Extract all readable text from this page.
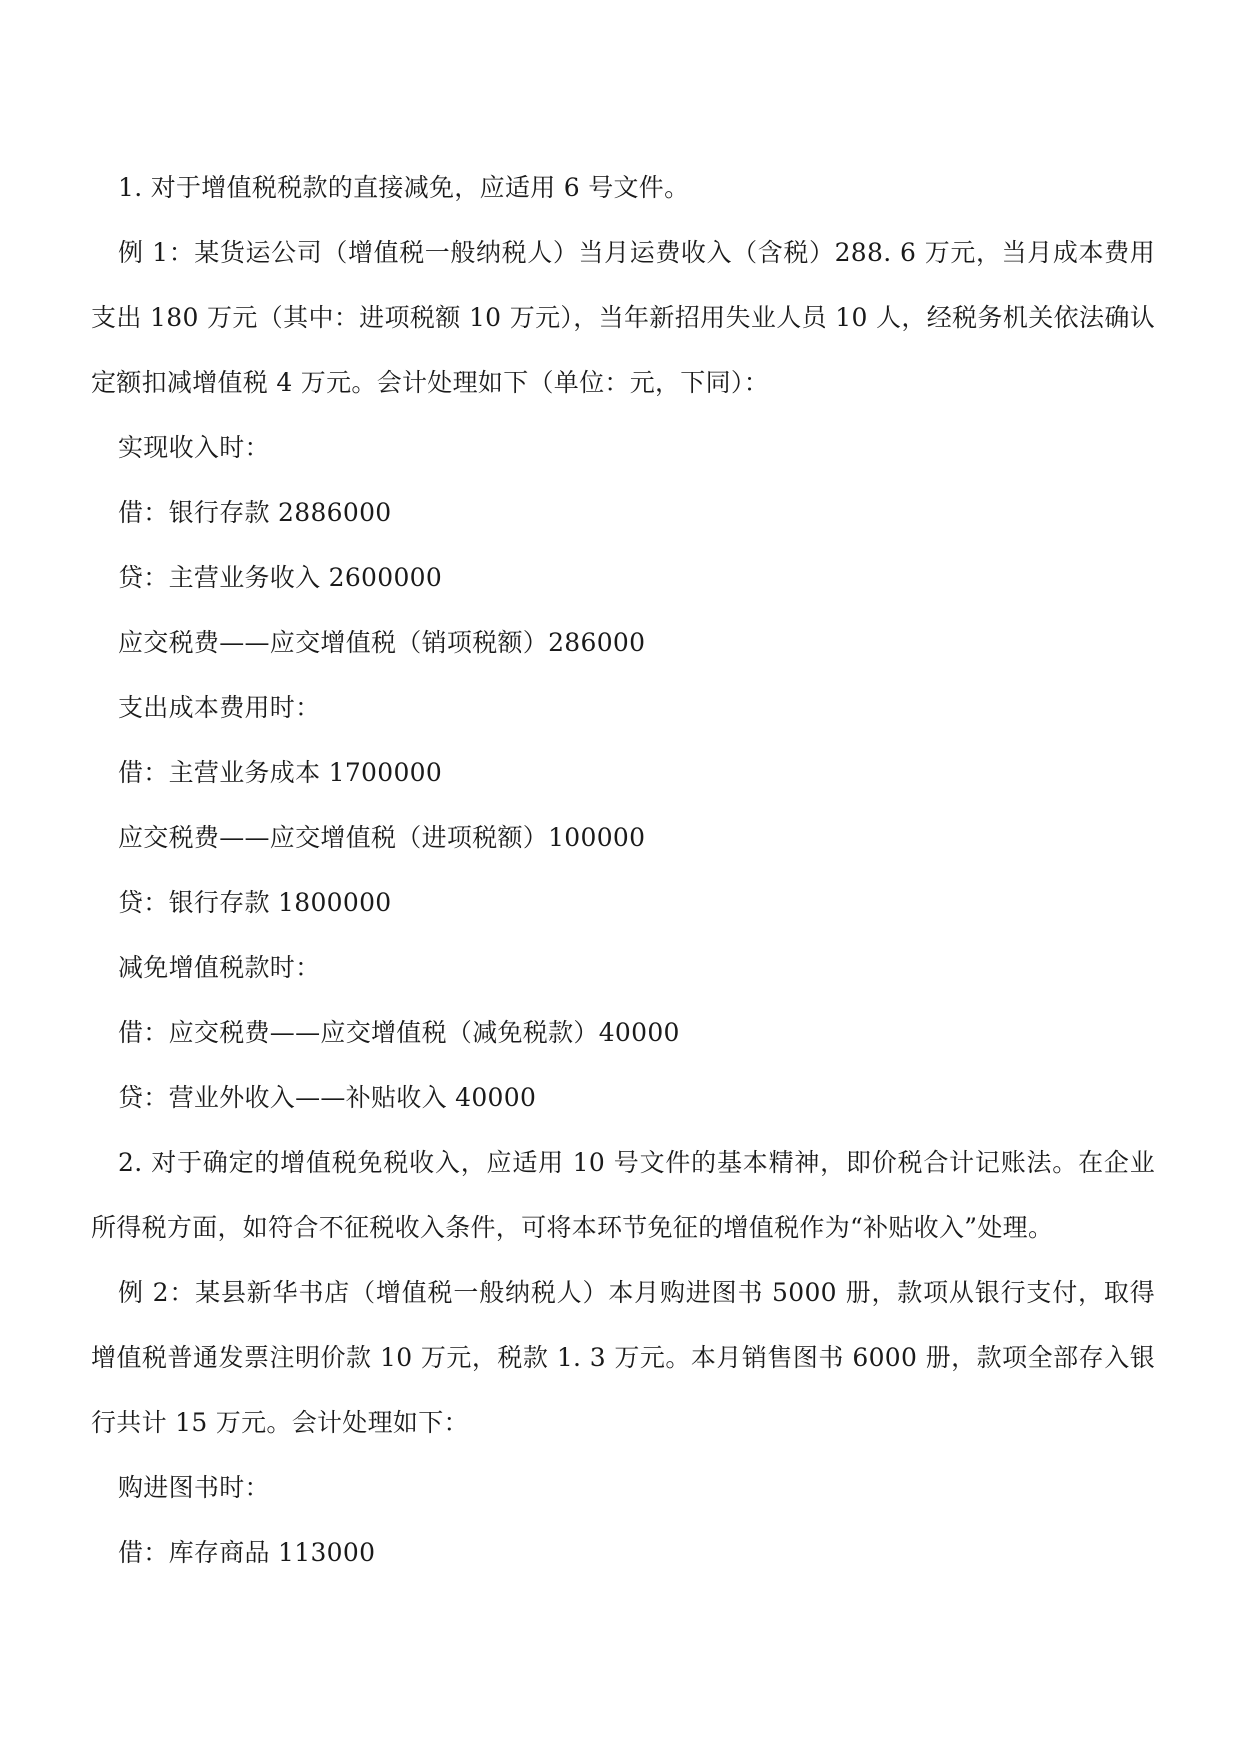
1. 对于增值税税款的直接减免，应适用 6 号文件。

例 1：某货运公司（增值税一般纳税人）当月运费收入（含税）288. 6 万元，当月成本费用支出 180 万元（其中：进项税额 10 万元），当年新招用失业人员 10 人，经税务机关依法确认定额扣减增值税 4 万元。会计处理如下（单位：元，下同）：

实现收入时：

借：银行存款 2886000

贷：主营业务收入 2600000

应交税费——应交增值税（销项税额）286000

支出成本费用时：

借：主营业务成本 1700000

应交税费——应交增值税（进项税额）100000

贷：银行存款 1800000

减免增值税款时：

借：应交税费——应交增值税（减免税款）40000

贷：营业外收入——补贴收入 40000

2. 对于确定的增值税免税收入，应适用 10 号文件的基本精神，即价税合计记账法。在企业所得税方面，如符合不征税收入条件，可将本环节免征的增值税作为“补贴收入”处理。

例 2：某县新华书店（增值税一般纳税人）本月购进图书 5000 册，款项从银行支付，取得增值税普通发票注明价款 10 万元，税款 1. 3 万元。本月销售图书 6000 册，款项全部存入银行共计 15 万元。会计处理如下：

购进图书时：

借：库存商品 113000
